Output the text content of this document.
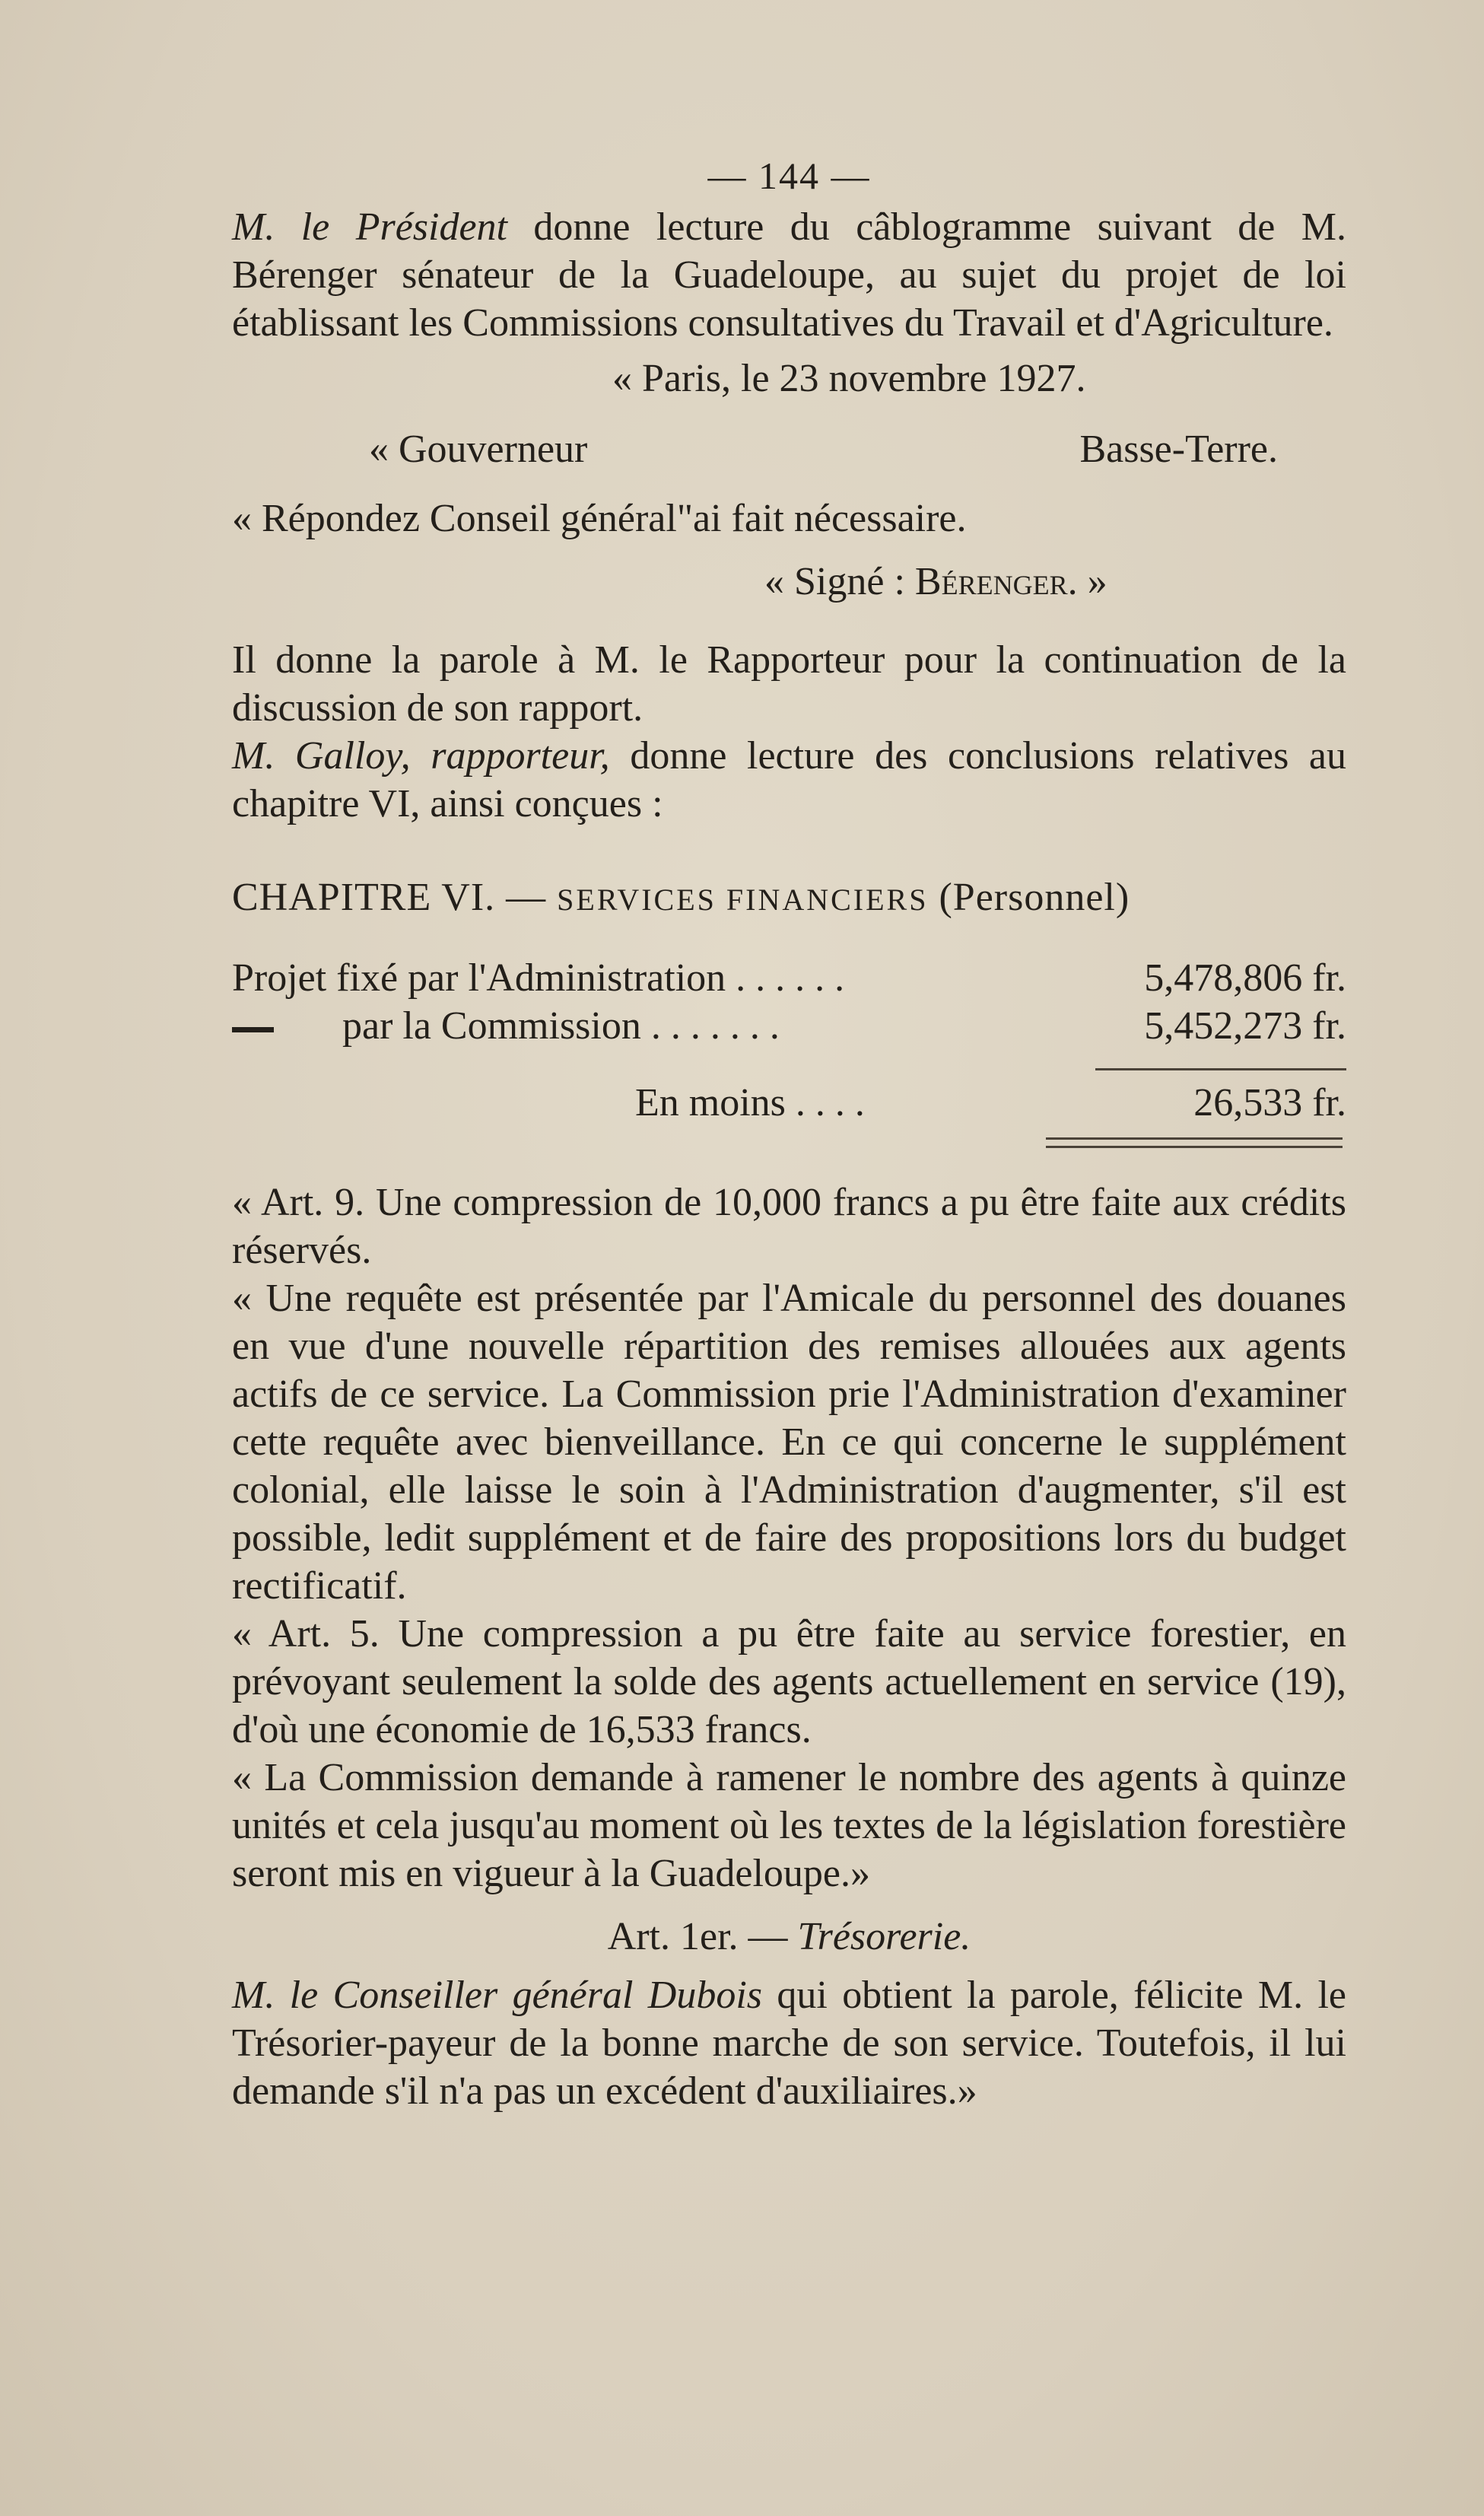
— 144 —

M. le Président donne lecture du câblogramme suivant de M. Bérenger sénateur de la Guadeloupe, au sujet du projet de loi établissant les Commissions consultatives du Travail et d'Agriculture.

« Paris, le 23 novembre 1927.
« Gouverneur	Basse-Terre.
« Répondez Conseil général"ai fait nécessaire.
« Signé : Bérenger. »

Il donne la parole à M. le Rapporteur pour la continuation de la discussion de son rapport.

M. Galloy, rapporteur, donne lecture des conclusions relatives au chapitre VI, ainsi conçues :

CHAPITRE VI. — SERVICES FINANCIERS (Personnel)
Projet fixé par l'Administration . . . . . .	5,478,806 fr.
par la Commission . . . . . . .	5,452,273 fr.
En moins . . . .	26,533 fr.

« Art. 9. Une compression de 10,000 francs a pu être faite aux crédits réservés.

« Une requête est présentée par l'Amicale du personnel des douanes en vue d'une nouvelle répartition des remises allouées aux agents actifs de ce service. La Commission prie l'Administration d'examiner cette requête avec bienveillance. En ce qui concerne le supplément colonial, elle laisse le soin à l'Administration d'augmenter, s'il est possible, ledit supplément et de faire des propositions lors du budget rectificatif.

« Art. 5. Une compression a pu être faite au service forestier, en prévoyant seulement la solde des agents actuellement en service (19), d'où une économie de 16,533 francs.

« La Commission demande à ramener le nombre des agents à quinze unités et cela jusqu'au moment où les textes de la législation forestière seront mis en vigueur à la Guadeloupe.»

Art. 1er. — Trésorerie.

M. le Conseiller général Dubois qui obtient la parole, félicite M. le Trésorier-payeur de la bonne marche de son service. Toutefois, il lui demande s'il n'a pas un excédent d'auxiliaires.»
